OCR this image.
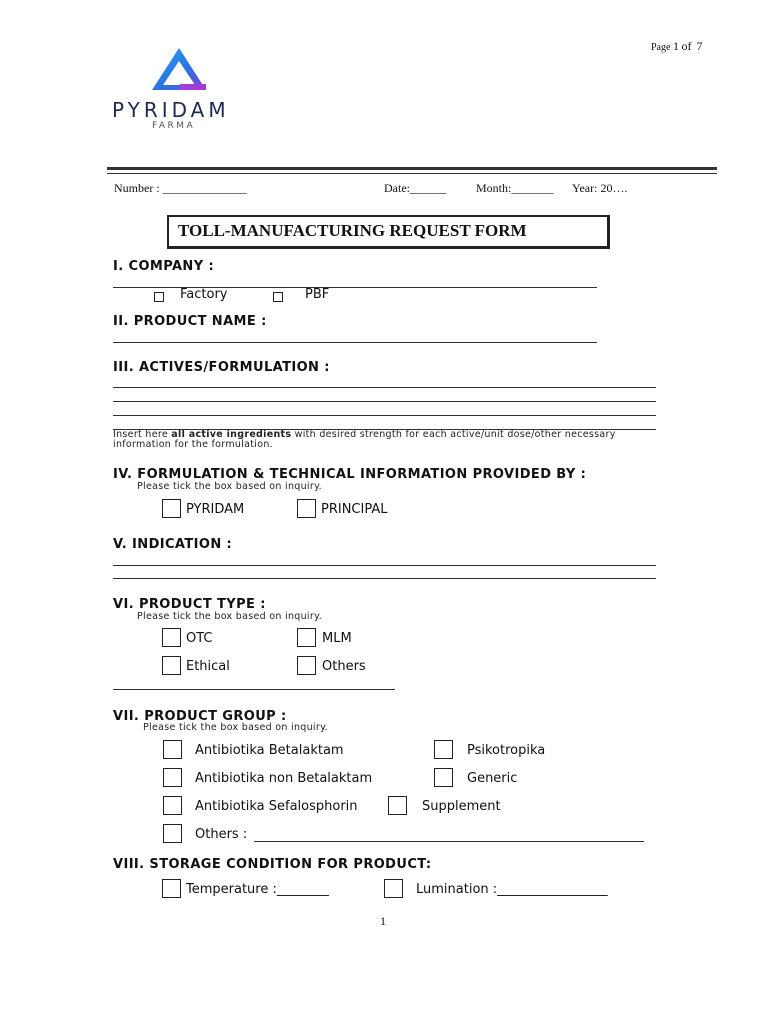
Page 1 of 7
PYRIDAM
FARMA
Number : ______________	Date:______	Month:_______ Year: 20….
TOLL-MANUFACTURING REQUEST FORM
I. COMPANY :
Factory	PBF
II. PRODUCT NAME :
III. ACTIVES/FORMULATION :
Insert here all active ingredients with desired strength for each active/unit dose/other necessary
information for the formulation.
IV. FORMULATION & TECHNICAL INFORMATION PROVIDED BY :
Please tick the box based on inquiry.
PYRIDAM	PRINCIPAL
V. INDICATION :
VI. PRODUCT TYPE :
Please tick the box based on inquiry.
OTC	MLM
Ethical	Others
VII. PRODUCT GROUP :
Please tick the box based on inquiry.
Antibiotika Betalaktam	Psikotropika
Antibiotika non Betalaktam	Generic
Antibiotika Sefalosphorin	Supplement
Others :
VIII. STORAGE CONDITION FOR PRODUCT:
Temperature :________	Lumination :_________________
1
